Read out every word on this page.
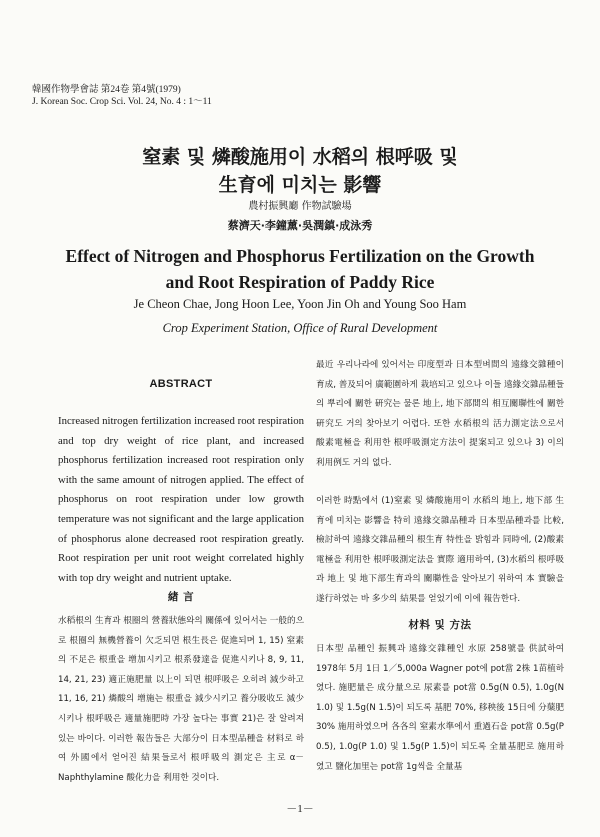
韓國作物學會誌 第24卷 第4號(1979)
J. Korean Soc. Crop Sci. Vol. 24, No. 4 : 1～11
窒素 및 燐酸施用이 水稻의 根呼吸 및
生育에 미치는 影響
農村振興廳 作物試驗場
蔡濟天·李鐘薰·吳潤鎮·成泳秀
Effect of Nitrogen and Phosphorus Fertilization on the Growth
and Root Respiration of Paddy Rice
Je Cheon Chae, Jong Hoon Lee, Yoon Jin Oh and Young Soo Ham
Crop Experiment Station, Office of Rural Development
ABSTRACT
Increased nitrogen fertilization increased root respiration and top dry weight of rice plant, and increased phosphorus fertilization increased root respiration only with the same amount of nitrogen applied. The effect of phosphorus on root respiration under low growth temperature was not significant and the large application of phosphorus alone decreased root respiration greatly. Root respiration per unit root weight correlated highly with top dry weight and nutrient uptake.
緖 言
水稻根의 生育과 根圈의 營養狀態와의 關係에 있어서는 一般的으로 根圈의 無機營養이 欠乏되면 根生長은 促進되며 1, 15) 窒素의 不足은 根重을 增加시키고 根系發達을 促進시키나 8, 9, 11, 14, 21, 23) 適正施肥量 以上이 되면 根呼吸은 오히려 減少하고 11, 16, 21) 燐酸의 增施는 根重을 減少시키고 養分吸收도 減少시키나 根呼吸은 適量施肥時 가장 높다는 事實 21)은 잘 알려져 있는 바이다. 이러한 報告들은 大部分이 日本型品種을 材料로 하여 外國에서 얻어진 結果들로서 根呼吸의 測定은 主로 α－Naphthylamine 酸化力을 利用한 것이다.
最近 우리나라에 있어서는 印度型과 日本型벼間의 遠緣交雜種이 育成, 普及되어 廣範圍하게 栽培되고 있으나 이들 遠緣交雜品種들의 뿌리에 關한 硏究는 물론 地上, 地下部間의 相互關聯性에 關한 硏究도 거의 찾아보기 어렵다. 또한 水稻根의 活力測定法으로서 酸素電極을 利用한 根呼吸測定方法이 提案되고 있으나 3) 이의 利用例도 거의 없다.
이러한 時點에서 (1)窒素 및 燐酸施用이 水稻의 地上, 地下部 生育에 미치는 影響을 特히 遠緣交雜品種과 日本型品種과를 比較, 檢討하여 遠緣交雜品種의 根生育 特性을 밝힘과 同時에, (2)酸素電極을 利用한 根呼吸測定法을 實際 適用하여, (3)水稻의 根呼吸과 地上 및 地下部生育과의 關聯性을 알아보기 위하여 本 實驗을 遂行하였는 바 多少의 結果를 얻었기에 이에 報告한다.
材料 및 方法
日本型 品種인 振興과 遠緣交雜種인 水原 258號를 供試하여 1978年 5月 1日 1／5,000a Wagner pot에 pot當 2株 1苗植하였다. 施肥量은 成分量으로 尿素를 pot當 0.5g(N 0.5), 1.0g(N 1.0) 및 1.5g(N 1.5)이 되도록 基肥 70%, 移秧後 15日에 分蘖肥 30% 施用하였으며 各各의 窒素水準에서 重過石을 pot當 0.5g(P 0.5), 1.0g(P 1.0) 및 1.5g(P 1.5)이 되도록 全量基肥로 施用하였고 鹽化加里는 pot當 1g씩을 全量基
－1－
